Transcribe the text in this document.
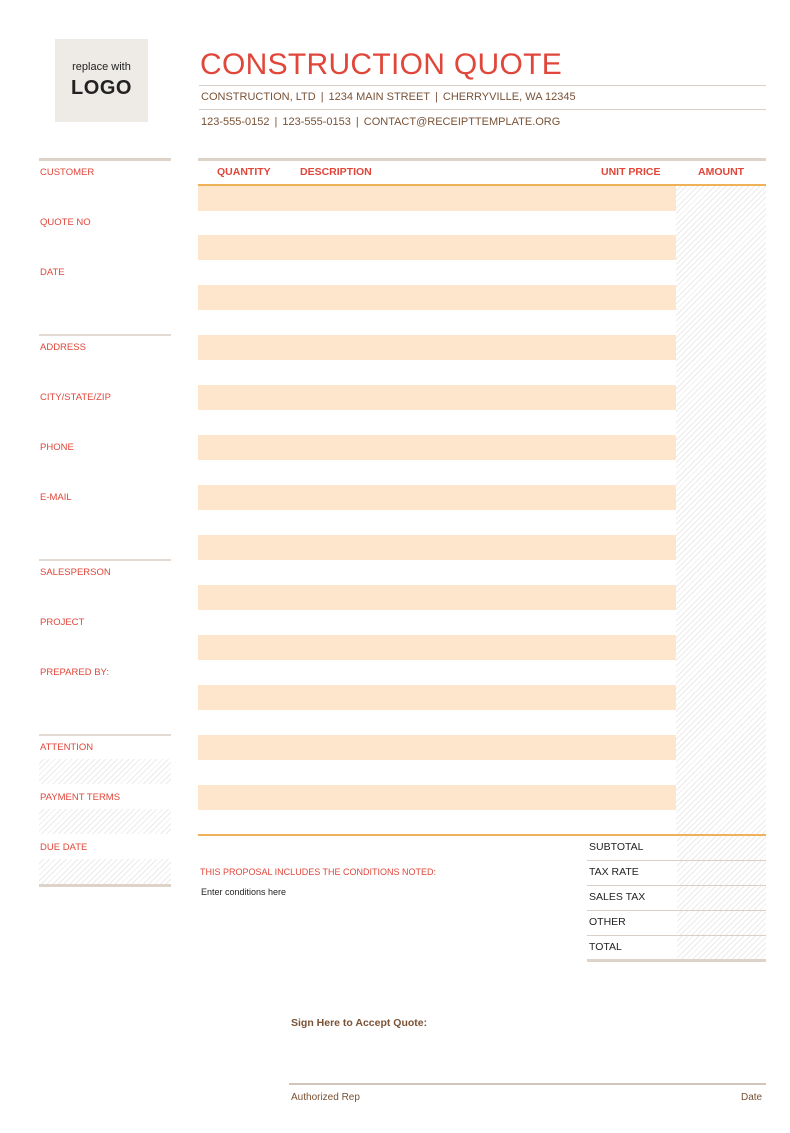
replace with
LOGO
CONSTRUCTION QUOTE
CONSTRUCTION, LTD | 1234 MAIN STREET | CHERRYVILLE, WA 12345
123-555-0152 | 123-555-0153 | CONTACT@RECEIPTTEMPLATE.ORG
CUSTOMER
QUOTE NO
DATE
ADDRESS
CITY/STATE/ZIP
PHONE
E-MAIL
SALESPERSON
PROJECT
PREPARED BY:
ATTENTION
PAYMENT TERMS
DUE DATE
QUANTITY	DESCRIPTION	UNIT PRICE	AMOUNT
THIS PROPOSAL INCLUDES THE CONDITIONS NOTED:
Enter conditions here
SUBTOTAL
TAX RATE
SALES TAX
OTHER
TOTAL
Sign Here to Accept Quote:
Authorized Rep	Date
